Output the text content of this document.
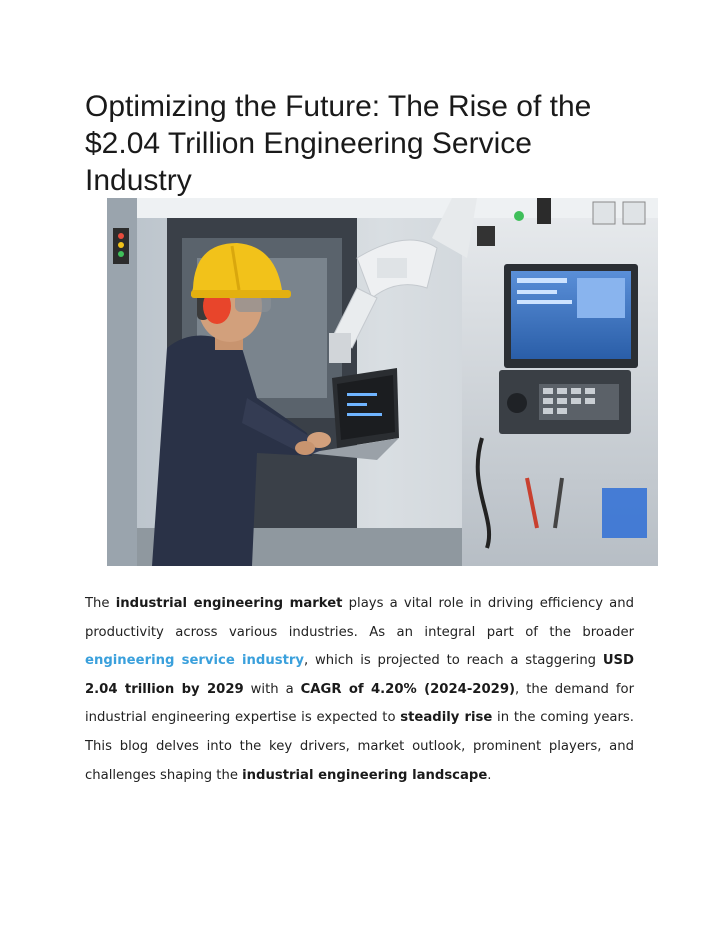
Optimizing the Future: The Rise of the $2.04 Trillion Engineering Service Industry

The industrial engineering market plays a vital role in driving efficiency and productivity across various industries. As an integral part of the broader engineering service industry, which is projected to reach a staggering USD 2.04 trillion by 2029 with a CAGR of 4.20% (2024-2029), the demand for industrial engineering expertise is expected to steadily rise in the coming years. This blog delves into the key drivers, market outlook, prominent players, and challenges shaping the industrial engineering landscape.
